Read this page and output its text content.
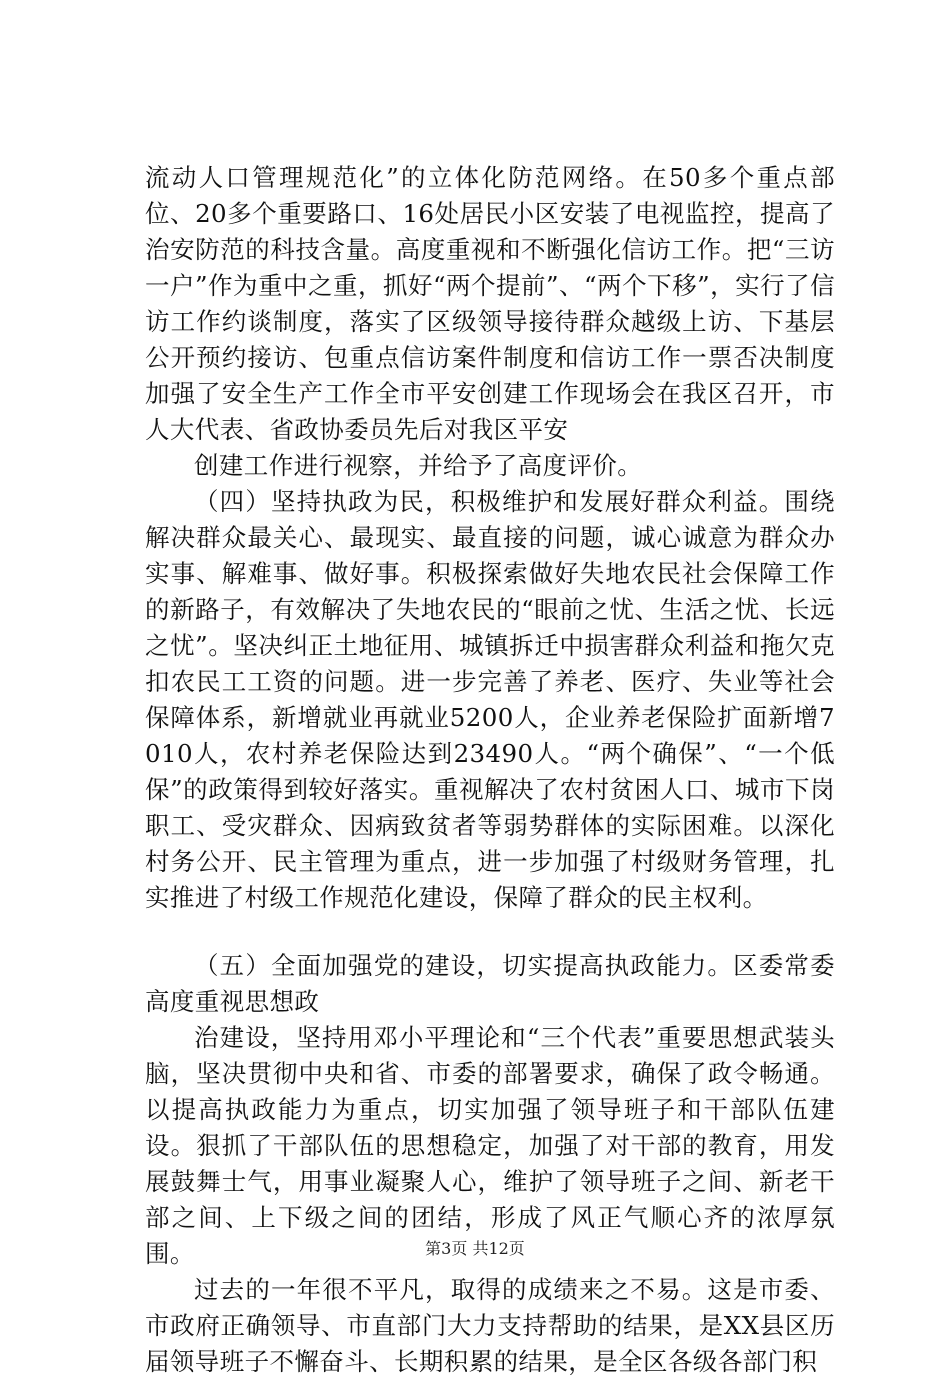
流动人口管理规范化”的立体化防范网络。在50多个重点部位、20多个重要路口、16处居民小区安装了电视监控，提高了治安防范的科技含量。高度重视和不断强化信访工作。把“三访一户”作为重中之重，抓好“两个提前”、“两个下移”，实行了信访工作约谈制度，落实了区级领导接待群众越级上访、下基层公开预约接访、包重点信访案件制度和信访工作一票否决制度加强了安全生产工作全市平安创建工作现场会在我区召开，市人大代表、省政协委员先后对我区平安

创建工作进行视察，并给予了高度评价。

（四）坚持执政为民，积极维护和发展好群众利益。围绕解决群众最关心、最现实、最直接的问题，诚心诚意为群众办实事、解难事、做好事。积极探索做好失地农民社会保障工作的新路子，有效解决了失地农民的“眼前之忧、生活之忧、长远之忧”。坚决纠正土地征用、城镇拆迁中损害群众利益和拖欠克扣农民工工资的问题。进一步完善了养老、医疗、失业等社会保障体系，新增就业再就业5200人，企业养老保险扩面新增7010人，农村养老保险达到23490人。“两个确保”、“一个低保”的政策得到较好落实。重视解决了农村贫困人口、城市下岗职工、受灾群众、因病致贫者等弱势群体的实际困难。以深化村务公开、民主管理为重点，进一步加强了村级财务管理，扎实推进了村级工作规范化建设，保障了群众的民主权利。

（五）全面加强党的建设，切实提高执政能力。区委常委高度重视思想政

治建设，坚持用邓小平理论和“三个代表”重要思想武装头脑，坚决贯彻中央和省、市委的部署要求，确保了政令畅通。以提高执政能力为重点，切实加强了领导班子和干部队伍建设。狠抓了干部队伍的思想稳定，加强了对干部的教育，用发展鼓舞士气，用事业凝聚人心，维护了领导班子之间、新老干部之间、上下级之间的团结，形成了风正气顺心齐的浓厚氛围。

过去的一年很不平凡，取得的成绩来之不易。这是市委、市政府正确领导、市直部门大力支持帮助的结果，是XX县区历届领导班子不懈奋斗、长期积累的结果，是全区各级各部门积

第3页 共12页
